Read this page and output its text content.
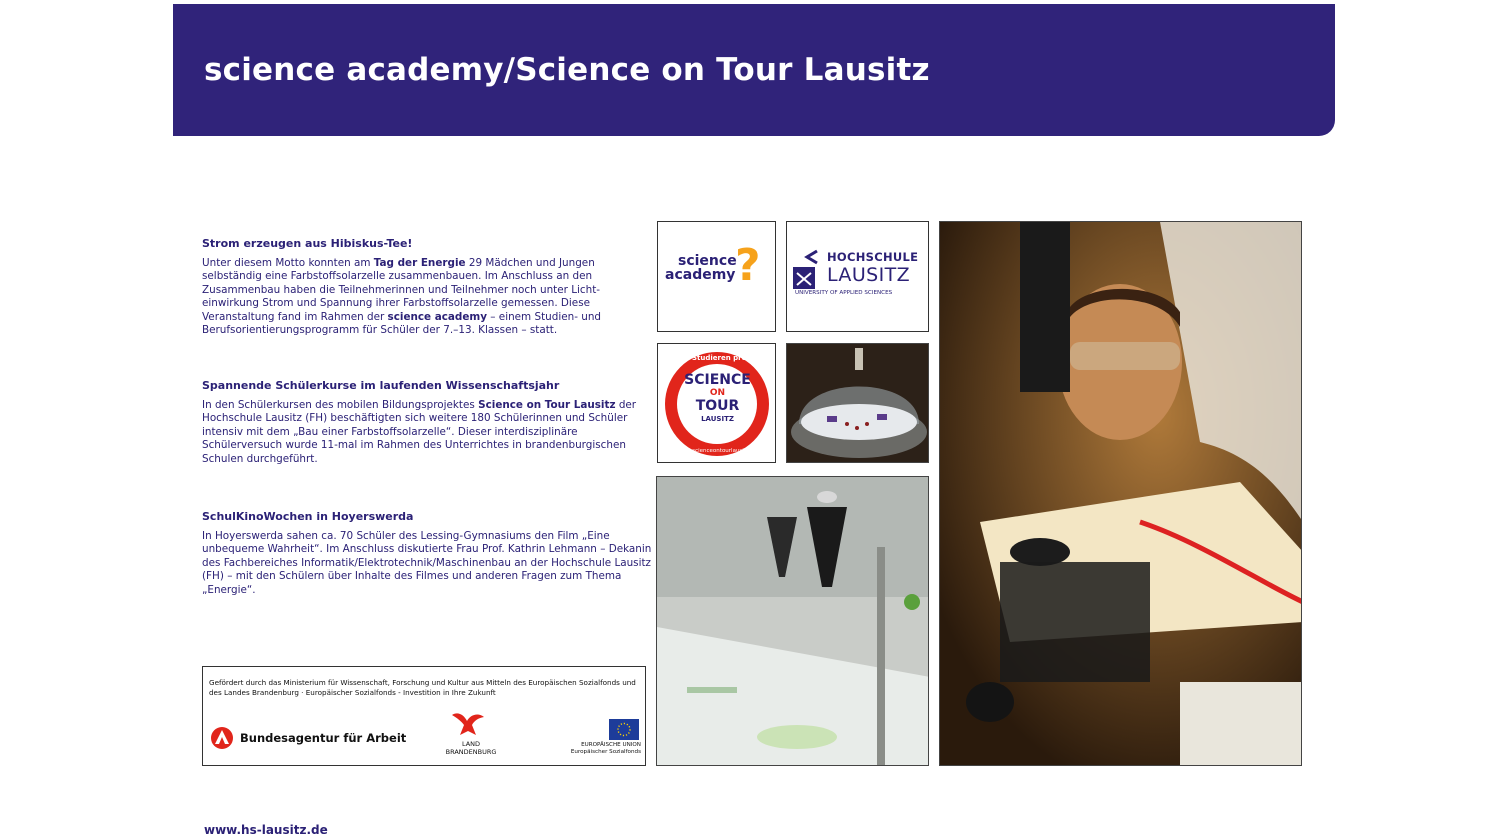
science academy/Science on Tour Lausitz
Strom erzeugen aus Hibiskus-Tee!

Unter diesem Motto konnten am Tag der Energie 29 Mädchen und Jungen selbständig eine Farbstoffsolarzelle zusammenbauen. Im Anschluss an den Zusammenbau haben die Teilnehmerinnen und Teilnehmer noch unter Lichteinwirkung Strom und Spannung ihrer Farbstoffsolarzelle gemessen. Diese Veranstaltung fand im Rahmen der science academy – einem Studien- und Berufsorientierungsprogramm für Schüler der 7.–13. Klassen – statt.

Spannende Schülerkurse im laufenden Wissenschaftsjahr

In den Schülerkursen des mobilen Bildungsprojektes Science on Tour Lausitz der Hochschule Lausitz (FH) beschäftigten sich weitere 180 Schülerinnen und Schüler intensiv mit dem „Bau einer Farbstoffsolarzelle“. Dieser interdisziplinäre Schülerversuch wurde 11-mal im Rahmen des Unterrichtes in brandenburgischen Schulen durchgeführt.

SchulKinoWochen in Hoyerswerda

In Hoyerswerda sahen ca. 70 Schüler des Lessing-Gymnasiums den Film „Eine unbequeme Wahrheit“. Im Anschluss diskutierte Frau Prof. Kathrin Lehmann – Dekanin des Fachbereiches Informatik/Elektrotechnik/Maschinenbau an der Hochschule Lausitz (FH) – mit den Schülern über Inhalte des Filmes und anderen Fragen zum Thema „Energie“.

Gefördert durch das Ministerium für Wissenschaft, Forschung und Kultur aus Mitteln des Europäischen Sozialfonds und des Landes Brandenburg · Europäischer Sozialfonds - Investition in Ihre Zukunft
Bundesagentur für Arbeit	LAND
BRANDENBURG
EUROPÄISCHE UNION
Europäischer Sozialfonds
science
academy ?	HOCHSCHULE
LAUSITZ
UNIVERSITY OF APPLIED SCIENCES
Studieren probieren!
SCIENCE
ON
TOUR
LAUSITZ
www.scienceontourlausitz.de
www.hs-lausitz.de
